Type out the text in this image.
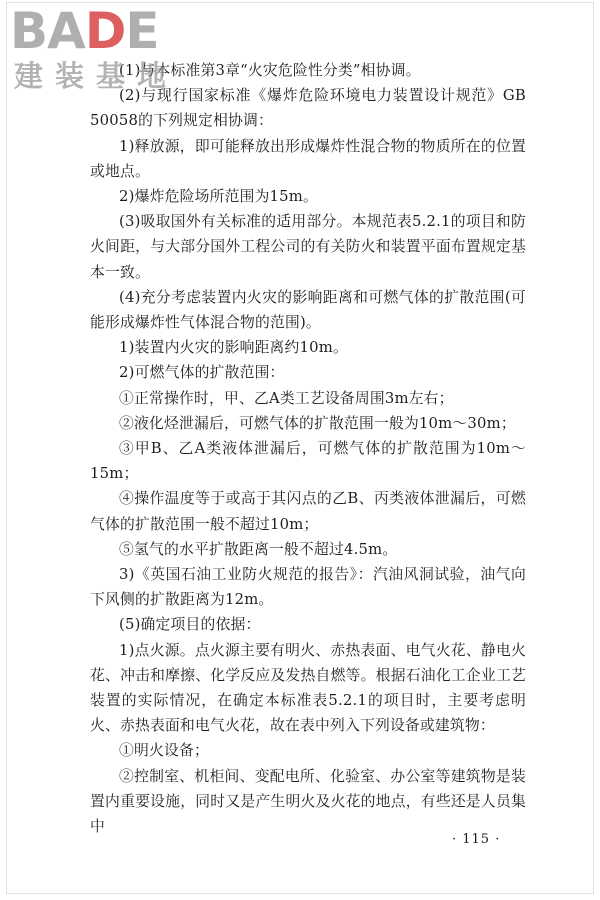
BADE
建装基地

(1)与本标准第3章“火灾危险性分类”相协调。

(2)与现行国家标准《爆炸危险环境电力装置设计规范》GB 50058的下列规定相协调：

1)释放源，即可能释放出形成爆炸性混合物的物质所在的位置或地点。

2)爆炸危险场所范围为15m。

(3)吸取国外有关标准的适用部分。本规范表5.2.1的项目和防火间距，与大部分国外工程公司的有关防火和装置平面布置规定基本一致。

(4)充分考虑装置内火灾的影响距离和可燃气体的扩散范围(可能形成爆炸性气体混合物的范围)。

1)装置内火灾的影响距离约10m。

2)可燃气体的扩散范围：

①正常操作时，甲、乙A类工艺设备周围3m左右；

②液化烃泄漏后，可燃气体的扩散范围一般为10m～30m；

③甲B、乙A类液体泄漏后，可燃气体的扩散范围为10m～15m；

④操作温度等于或高于其闪点的乙B、丙类液体泄漏后，可燃气体的扩散范围一般不超过10m；

⑤氢气的水平扩散距离一般不超过4.5m。

3)《英国石油工业防火规范的报告》：汽油风洞试验，油气向下风侧的扩散距离为12m。

(5)确定项目的依据：

1)点火源。点火源主要有明火、赤热表面、电气火花、静电火花、冲击和摩擦、化学反应及发热自燃等。根据石油化工企业工艺装置的实际情况，在确定本标准表5.2.1的项目时，主要考虑明火、赤热表面和电气火花，故在表中列入下列设备或建筑物：

①明火设备；

②控制室、机柜间、变配电所、化验室、办公室等建筑物是装置内重要设施，同时又是产生明火及火花的地点，有些还是人员集中

· 115 ·
